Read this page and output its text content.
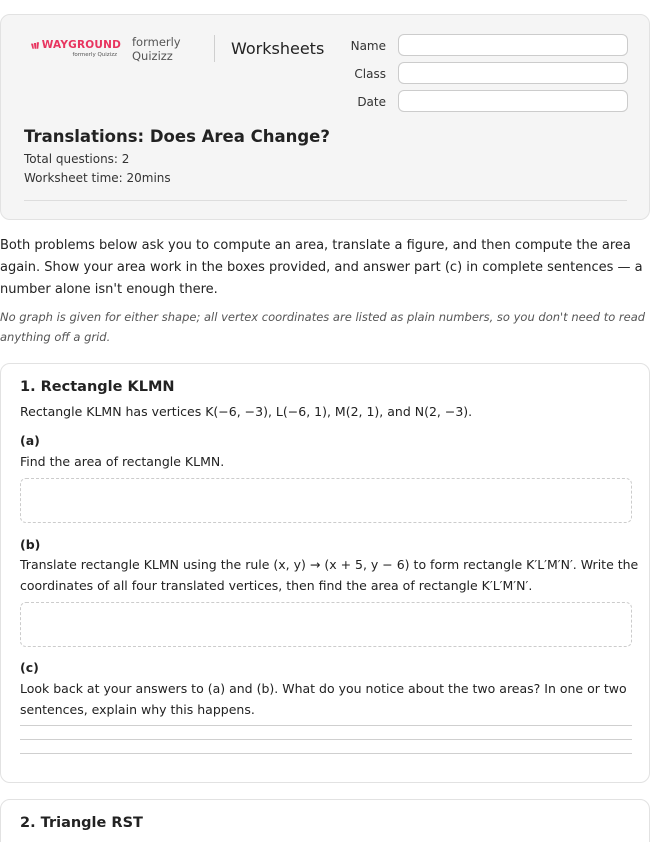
WAYGROUND
formerly Quizizz
formerly
Quizizz	Worksheets Name
Class
Date
Translations: Does Area Change?
Total questions: 2
Worksheet time: 20mins
Both problems below ask you to compute an area, translate a figure, and then compute the area again. Show your area work in the boxes provided, and answer part (c) in complete sentences — a number alone isn't enough there.
No graph is given for either shape; all vertex coordinates are listed as plain numbers, so you don't need to read anything off a grid.
1. Rectangle KLMN
Rectangle KLMN has vertices K(−6, −3), L(−6, 1), M(2, 1), and N(2, −3).
(a)
Find the area of rectangle KLMN.
(b)
Translate rectangle KLMN using the rule (x, y) → (x + 5, y − 6) to form rectangle K′L′M′N′. Write the coordinates of all four translated vertices, then find the area of rectangle K′L′M′N′.
(c)
Look back at your answers to (a) and (b). What do you notice about the two areas? In one or two sentences, explain why this happens.
2. Triangle RST
